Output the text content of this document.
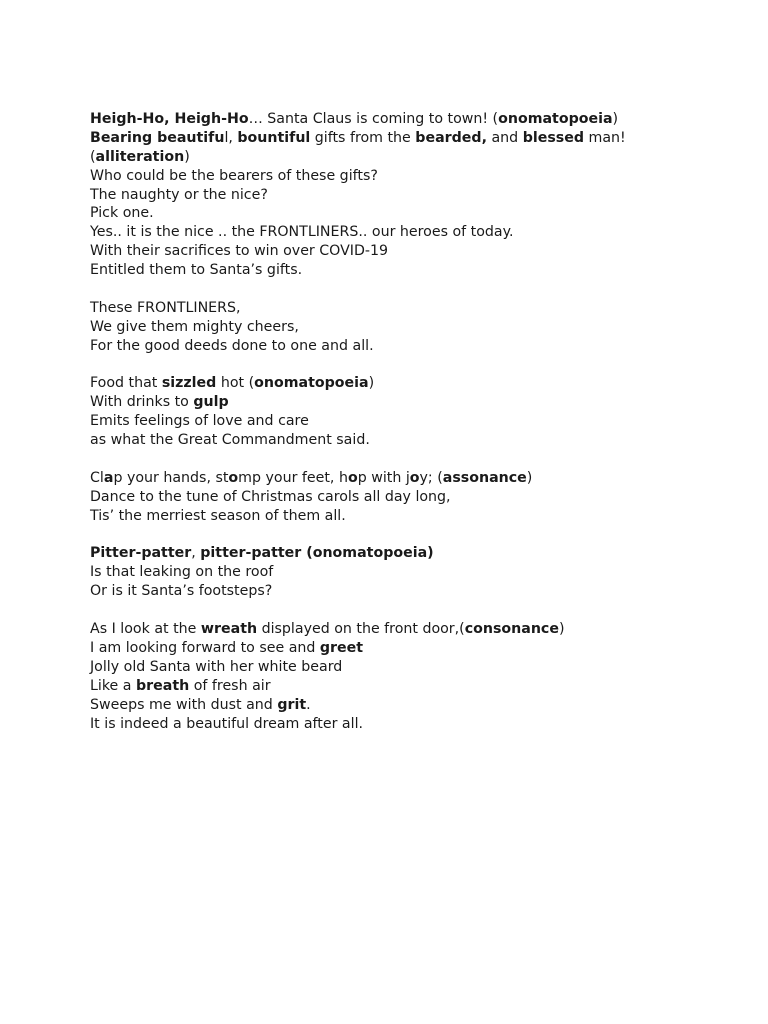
Heigh-Ho, Heigh-Ho… Santa Claus is coming to town! (onomatopoeia)
Bearing beautiful, bountiful gifts from the bearded, and blessed man!
(alliteration)
Who could be the bearers of these gifts?
The naughty or the nice?
Pick one.
Yes.. it is the nice .. the FRONTLINERS.. our heroes of today.
With their sacrifices to win over COVID-19
Entitled them to Santa’s gifts.
These FRONTLINERS,
We give them mighty cheers,
For the good deeds done to one and all.
Food that sizzled hot (onomatopoeia)
With drinks to gulp
Emits feelings of love and care
as what the Great Commandment said.
Clap your hands, stomp your feet, hop with joy; (assonance)
Dance to the tune of Christmas carols all day long,
Tis’ the merriest season of them all.
Pitter-patter, pitter-patter (onomatopoeia)
Is that leaking on the roof
Or is it Santa’s footsteps?
As I look at the wreath displayed on the front door,(consonance)
I am looking forward to see and greet
Jolly old Santa with her white beard
Like a breath of fresh air
Sweeps me with dust and grit.
It is indeed a beautiful dream after all.
